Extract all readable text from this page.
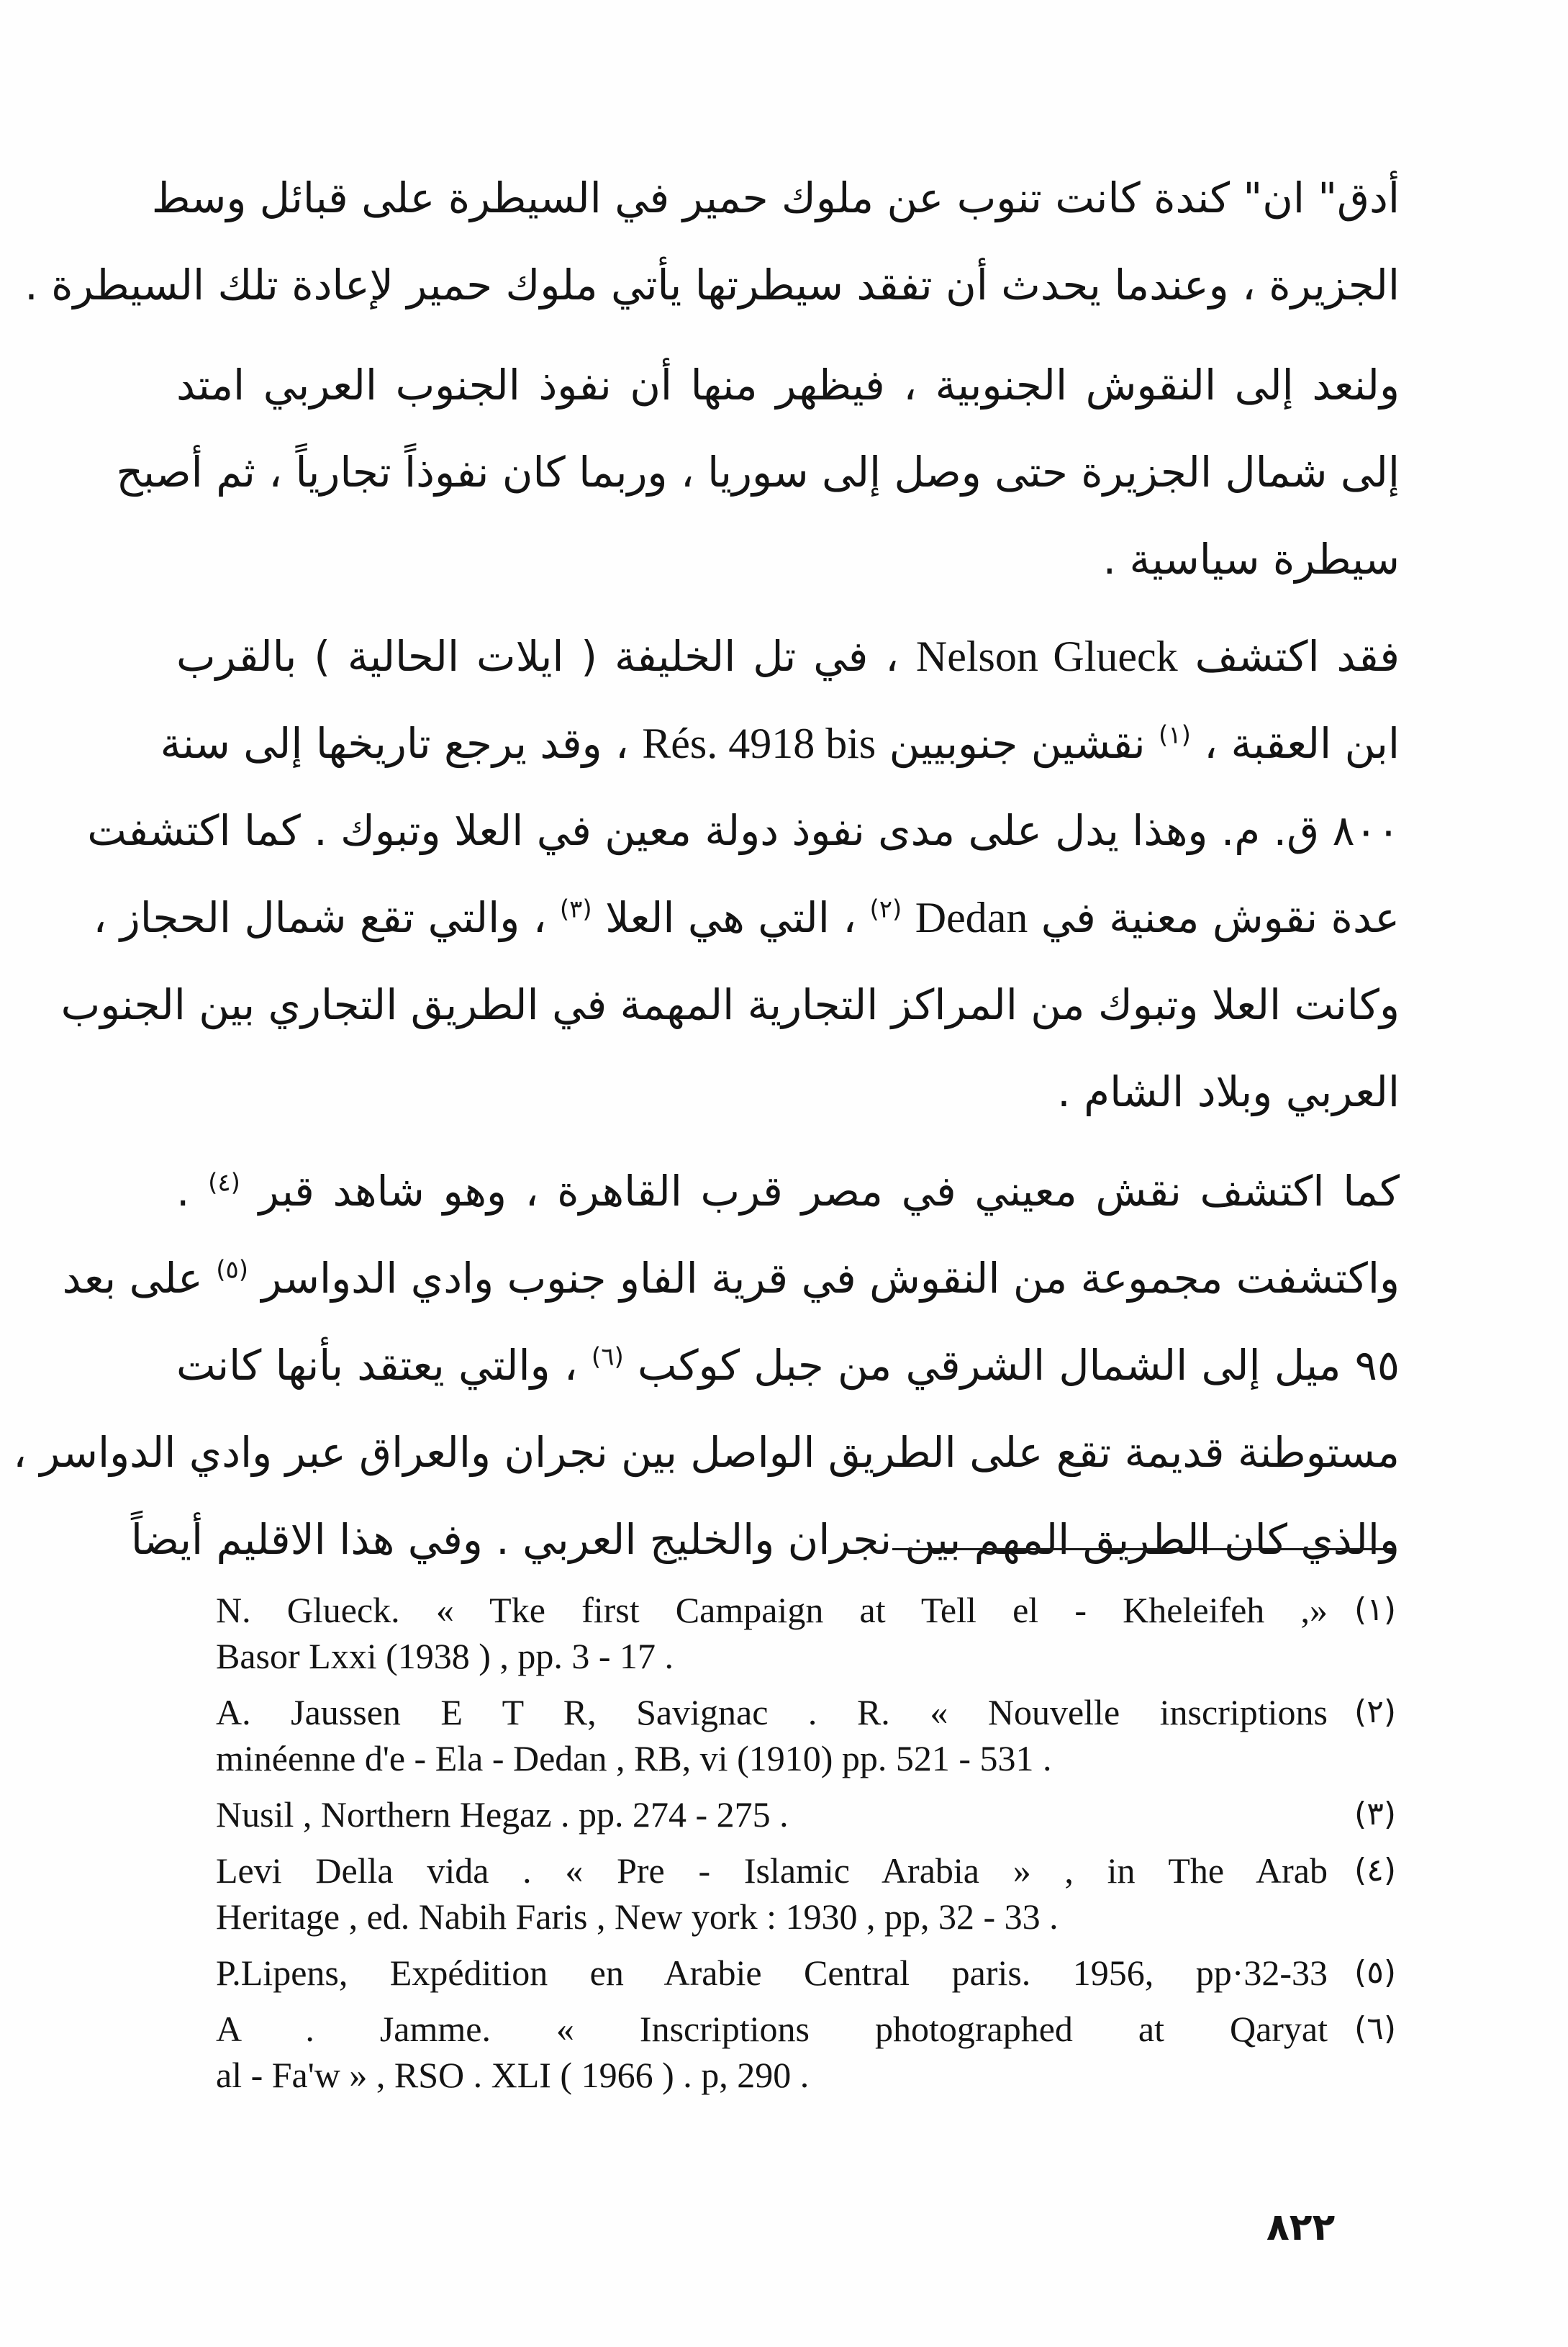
أدق" ان" كندة كانت تنوب عن ملوك حمير في السيطرة على قبائل وسط
الجزيرة ، وعندما يحدث أن تفقد سيطرتها يأتي ملوك حمير لإعادة تلك السيطرة .
ولنعد إلى النقوش الجنوبية ، فيظهر منها أن نفوذ الجنوب العربي امتد
إلى شمال الجزيرة حتى وصل إلى سوريا ، وربما كان نفوذاً تجارياً ، ثم أصبح
سيطرة سياسية .
فقد اكتشف Nelson Glueck ، في تل الخليفة ( ايلات الحالية ) بالقرب
ابن العقبة ، $^{(١)}$ نقشين جنوبيين Rés. 4918 bis ، وقد يرجع تاريخها إلى سنة
٨٠٠ ق. م. وهذا يدل على مدى نفوذ دولة معين في العلا وتبوك . كما اكتشفت
عدة نقوش معنية في Dedan $^{(٢)}$ ، التي هي العلا $^{(٣)}$ ، والتي تقع شمال الحجاز ،
وكانت العلا وتبوك من المراكز التجارية المهمة في الطريق التجاري بين الجنوب
العربي وبلاد الشام .
كما اكتشف نقش معيني في مصر قرب القاهرة ، وهو شاهد قبر $^{(٤)}$ .
واكتشفت مجموعة من النقوش في قرية الفاو جنوب وادي الدواسر $^{(٥)}$ على بعد
٩٥ ميل إلى الشمال الشرقي من جبل كوكب $^{(٦)}$ ، والتي يعتقد بأنها كانت
مستوطنة قديمة تقع على الطريق الواصل بين نجران والعراق عبر وادي الدواسر ،
والذي كان الطريق المهم بين نجران والخليج العربي . وفي هذا الاقليم أيضاً
(١)
N. Glueck. « Tke first Campaign at Tell el - Kheleifeh ,»
Basor Lxxi (1938 ) , pp. 3 - 17 .
(٢)
A. Jaussen E T R, Savignac . R. « Nouvelle inscriptions
minéenne d'e - Ela - Dedan , RB, vi (1910) pp. 521 - 531 .
(٣)
Nusil , Northern Hegaz . pp. 274 - 275 .
(٤)
Levi Della vida . « Pre - Islamic Arabia » , in The Arab
Heritage , ed. Nabih Faris , New york : 1930 , pp, 32 - 33 .
(٥)
P.Lipens, Expédition en Arabie Central paris. 1956, pp·32-33
(٦)
A . Jamme. « Inscriptions photographed at Qaryat
al - Fa'w » , RSO . XLI ( 1966 ) . p, 290 .
٨٢٢
